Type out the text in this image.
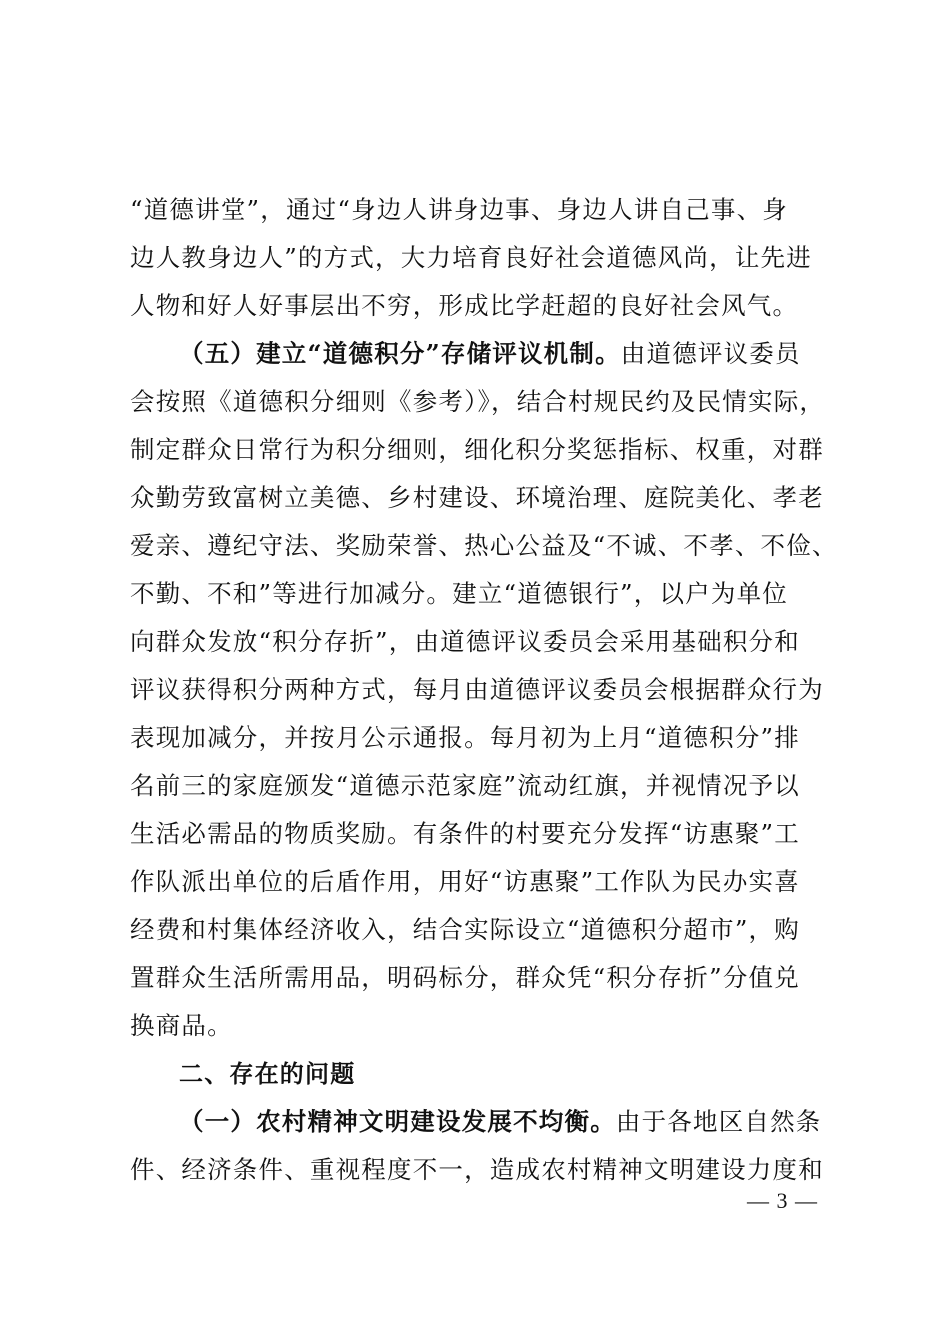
“道德讲堂”，通过“身边人讲身边事、身边人讲自己事、身
边人教身边人”的方式，大力培育良好社会道德风尚，让先进
人物和好人好事层出不穷，形成比学赶超的良好社会风气。
（五）建立“道德积分”存储评议机制。由道德评议委员
会按照《道德积分细则《参考）》，结合村规民约及民情实际，
制定群众日常行为积分细则，细化积分奖惩指标、权重，对群
众勤劳致富树立美德、乡村建设、环境治理、庭院美化、孝老
爱亲、遵纪守法、奖励荣誉、热心公益及“不诚、不孝、不俭、
不勤、不和”等进行加减分。建立“道德银行”，以户为单位
向群众发放“积分存折”，由道德评议委员会采用基础积分和
评议获得积分两种方式，每月由道德评议委员会根据群众行为
表现加减分，并按月公示通报。每月初为上月“道德积分”排
名前三的家庭颁发“道德示范家庭”流动红旗，并视情况予以
生活必需品的物质奖励。有条件的村要充分发挥“访惠聚”工
作队派出单位的后盾作用，用好“访惠聚”工作队为民办实喜
经费和村集体经济收入，结合实际设立“道德积分超市”，购
置群众生活所需用品，明码标分，群众凭“积分存折”分值兑
换商品。
二、存在的问题
（一）农村精神文明建设发展不均衡。由于各地区自然条
件、经济条件、重视程度不一，造成农村精神文明建设力度和
— 3 —
